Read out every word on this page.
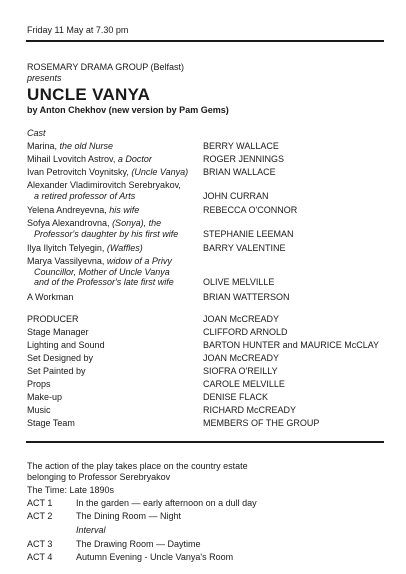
Friday 11 May at 7.30 pm
ROSEMARY DRAMA GROUP (Belfast)
presents
UNCLE VANYA
by Anton Chekhov (new version by Pam Gems)
Cast
Marina, the old Nurse	BERRY WALLACE
Mihail Lvovitch Astrov, a Doctor	ROGER JENNINGS
Ivan Petrovitch Voynitsky, (Uncle Vanya) BRIAN WALLACE
Alexander Vladimirovitch Serebryakov,
a retired professor of Arts	JOHN CURRAN
Yelena Andreyevna, his wife	REBECCA O'CONNOR
Sofya Alexandrovna, (Sonya), the
Professor's daughter by his first wife	STEPHANIE LEEMAN
Ilya Ilyitch Telyegin, (Waffles)	BARRY VALENTINE
Marya Vassilyevna, widow of a Privy
Councillor, Mother of Uncle Vanya
and of the Professor's late first wife	OLIVE MELVILLE
A Workman	BRIAN WATTERSON
PRODUCER	JOAN McCREADY
Stage Manager	CLIFFORD ARNOLD
Lighting and Sound	BARTON HUNTER and MAURICE McCLAY
Set Designed by	JOAN McCREADY
Set Painted by	SIOFRA O'REILLY
Props	CAROLE MELVILLE
Make-up	DENISE FLACK
Music	RICHARD McCREADY
Stage Team	MEMBERS OF THE GROUP
The action of the play takes place on the country estate
belonging to Professor Serebryakov
The Time: Late 1890s
ACT 1	In the garden — early afternoon on a dull day
ACT 2	The Dining Room — Night
Interval
ACT 3	The Drawing Room — Daytime
ACT 4	Autumn Evening - Uncle Vanya's Room
